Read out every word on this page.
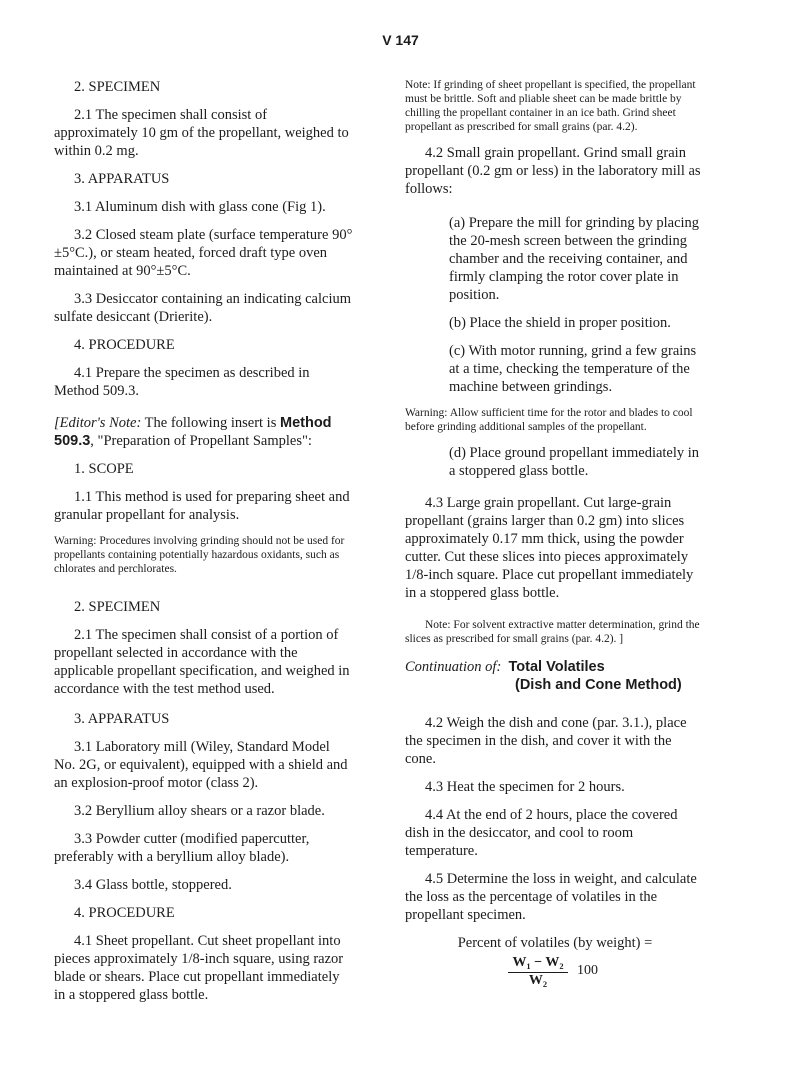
V 147

2. SPECIMEN

2.1 The specimen shall consist of approximately 10 gm of the propellant, weighed to within 0.2 mg.

3. APPARATUS

3.1 Aluminum dish with glass cone (Fig 1).

3.2 Closed steam plate (surface temperature 90°±5°C.), or steam heated, forced draft type oven maintained at 90°±5°C.

3.3 Desiccator containing an indicating calcium sulfate desiccant (Drierite).

4. PROCEDURE

4.1 Prepare the specimen as described in Method 509.3.

[Editor's Note: The following insert is Method 509.3, "Preparation of Propellant Samples":

1. SCOPE

1.1 This method is used for preparing sheet and granular propellant for analysis.

Warning: Procedures involving grinding should not be used for propellants containing potentially hazardous oxidants, such as chlorates and perchlorates.

2. SPECIMEN

2.1 The specimen shall consist of a portion of propellant selected in accordance with the applicable propellant specification, and weighed in accordance with the test method used.

3. APPARATUS

3.1 Laboratory mill (Wiley, Standard Model No. 2G, or equivalent), equipped with a shield and an explosion-proof motor (class 2).

3.2 Beryllium alloy shears or a razor blade.

3.3 Powder cutter (modified papercutter, preferably with a beryllium alloy blade).

3.4 Glass bottle, stoppered.

4. PROCEDURE

4.1 Sheet propellant. Cut sheet propellant into pieces approximately 1/8-inch square, using razor blade or shears. Place cut propellant immediately in a stoppered glass bottle.

Note: If grinding of sheet propellant is specified, the propellant must be brittle. Soft and pliable sheet can be made brittle by chilling the propellant container in an ice bath. Grind sheet propellant as prescribed for small grains (par. 4.2).

4.2 Small grain propellant. Grind small grain propellant (0.2 gm or less) in the laboratory mill as follows:

(a) Prepare the mill for grinding by placing the 20-mesh screen between the grinding chamber and the receiving container, and firmly clamping the rotor cover plate in position.

(b) Place the shield in proper position.

(c) With motor running, grind a few grains at a time, checking the temperature of the machine between grindings.

Warning: Allow sufficient time for the rotor and blades to cool before grinding additional samples of the propellant.

(d) Place ground propellant immediately in a stoppered glass bottle.

4.3 Large grain propellant. Cut large-grain propellant (grains larger than 0.2 gm) into slices approximately 0.17 mm thick, using the powder cutter. Cut these slices into pieces approximately 1/8-inch square. Place cut propellant immediately in a stoppered glass bottle.

Note: For solvent extractive matter determination, grind the slices as prescribed for small grains (par. 4.2). ]

Continuation of: Total Volatiles

(Dish and Cone Method)

4.2 Weigh the dish and cone (par. 3.1.), place the specimen in the dish, and cover it with the cone.

4.3 Heat the specimen for 2 hours.

4.4 At the end of 2 hours, place the covered dish in the desiccator, and cool to room temperature.

4.5 Determine the loss in weight, and calculate the loss as the percentage of volatiles in the propellant specimen.

Percent of volatiles (by weight) =

$\frac{\text{W₁ − W₂}}{\text{W₂}} 100$
